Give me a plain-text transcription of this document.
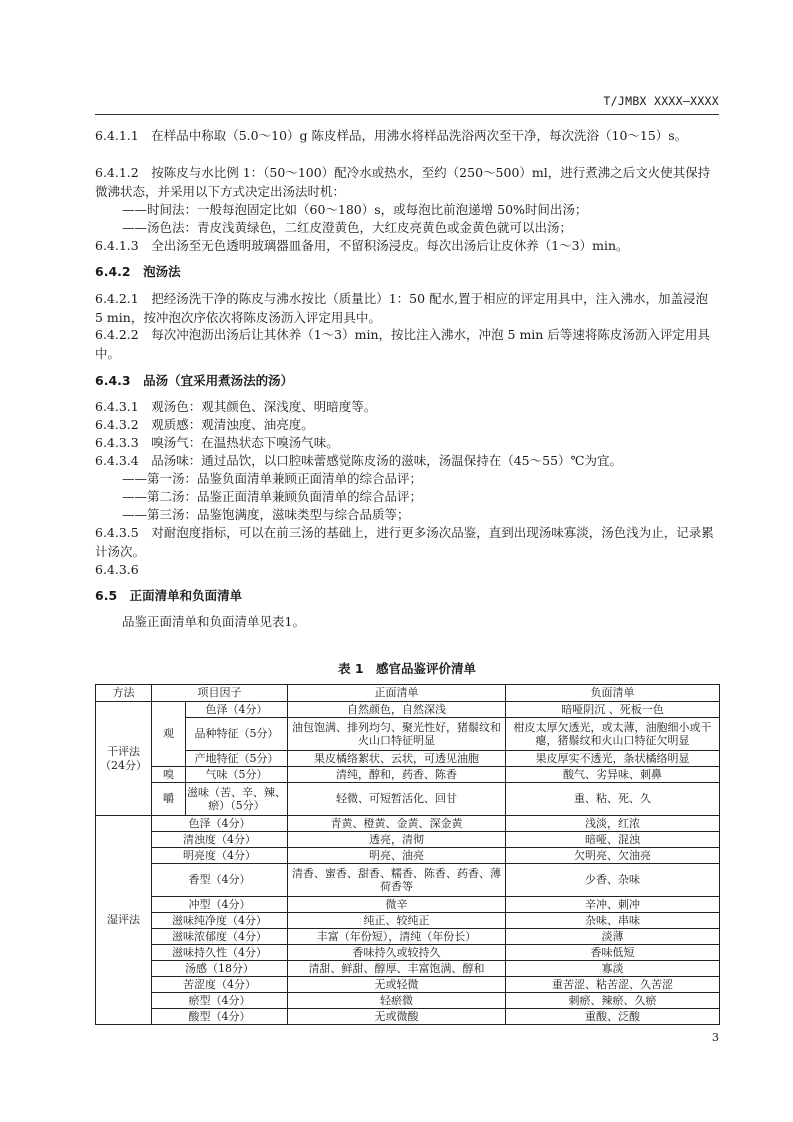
T/JMBX XXXX—XXXX
6.4.1.1　在样品中称取（5.0～10）g 陈皮样品，用沸水将样品洗浴两次至干净，每次洗浴（10～15）s。
6.4.1.2　按陈皮与水比例 1：（50～100）配冷水或热水，至约（250～500）ml，进行煮沸之后文火使其保持微沸状态，并采用以下方式决定出汤法时机：
——时间法：一般每泡固定比如（60～180）s，或每泡比前泡递增 50%时间出汤；
——汤色法：青皮浅黄绿色，二红皮澄黄色，大红皮亮黄色或金黄色就可以出汤；
6.4.1.3　全出汤至无色透明玻璃器皿备用，不留积汤浸皮。每次出汤后让皮休养（1～3）min。
6.4.2　泡汤法
6.4.2.1　把经汤洗干净的陈皮与沸水按比（质量比）1：50 配水,置于相应的评定用具中，注入沸水，加盖浸泡 5 min，按冲泡次序依次将陈皮汤沥入评定用具中。
6.4.2.2　每次冲泡沥出汤后让其休养（1～3）min，按比注入沸水，冲泡 5 min 后等速将陈皮汤沥入评定用具中。
6.4.3　品汤（宜采用煮汤法的汤）
6.4.3.1　观汤色：观其颜色、深浅度、明暗度等。
6.4.3.2　观质感：观清浊度、油亮度。
6.4.3.3　嗅汤气：在温热状态下嗅汤气味。
6.4.3.4　品汤味：通过品饮，以口腔味蕾感觉陈皮汤的滋味，汤温保持在（45～55）℃为宜。
——第一汤：品鉴负面清单兼顾正面清单的综合品评；
——第二汤：品鉴正面清单兼顾负面清单的综合品评；
——第三汤：品鉴饱满度，滋味类型与综合品质等；
6.4.3.5　对耐泡度指标，可以在前三汤的基础上，进行更多汤次品鉴，直到出现汤味寡淡，汤色浅为止，记录累计汤次。
6.4.3.6
6.5　正面清单和负面清单
品鉴正面清单和负面清单见表1。
表 1　感官品鉴评价清单
方法	项目因子		正面清单	负面清单
干评法（24分）	观	色泽（4分）	自然颜色，自然深浅	暗哑阴沉 、死板一色
		品种特征（5分）	油包饱满、排列均匀、聚光性好，猪鬃纹和火山口特征明显	柑皮太厚欠透光，或太薄，油胞细小或干瘪，猪鬃纹和火山口特征欠明显
		产地特征（5分）	果皮橘络絮状、云状，可透见油胞	果皮厚实不透光，条状橘络明显
	嗅	气味（5分）	清纯，醇和，药香、陈香	酸气、劣异味、刺鼻
	嚼	滋味（苦、辛、辣、瘀）（5分）	轻微、可短暂活化、回甘	重、粘、死、久
湿评法	色泽（4分）		青黄、橙黄、金黄、深金黄	浅淡，红浓
	清浊度（4分）		透亮，清彻	暗哑、混浊
	明亮度（4分）		明亮、油亮	欠明亮、欠油亮
	香型（4分）		清香、蜜香、甜香、糯香、陈香、药香、薄荷香等	少香、杂味
	冲型（4分）		微辛	辛冲、刺冲
	滋味纯净度（4分）		纯正、较纯正	杂味、串味
	滋味浓郁度（4分）		丰富（年份短），清纯（年份长）	淡薄
	滋味持久性（4分）		香味持久或较持久	香味低短
	汤感（18分）		清甜、鲜甜、醇厚、丰富饱满、醇和	寡淡
	苦涩度（4分）		无或轻微	重苦涩、粘苦涩、久苦涩
	瘀型（4分）		轻瘀微	刺瘀、辣瘀、久瘀
	酸型（4分）		无或微酸	重酸、泛酸
3
